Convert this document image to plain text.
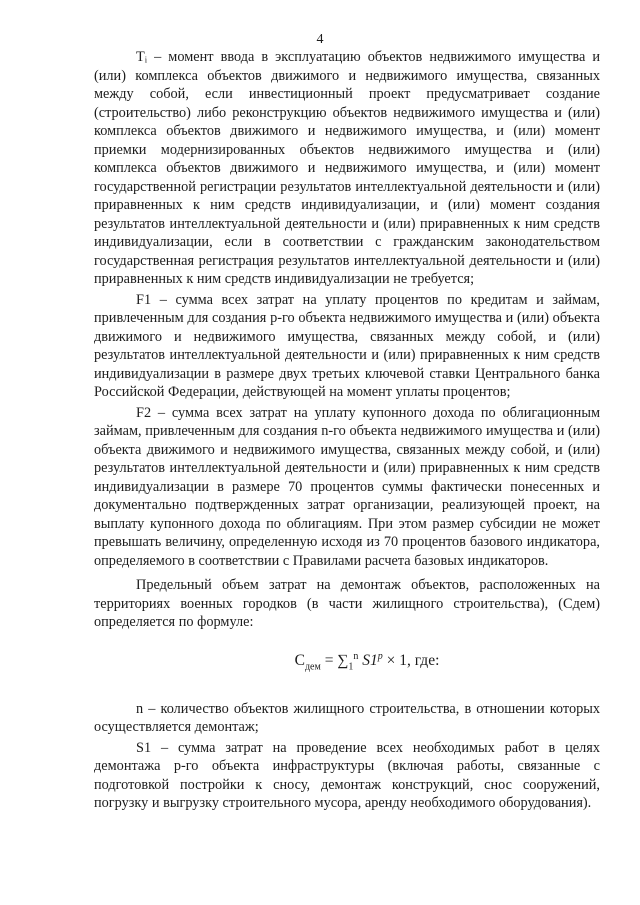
4

Tᵢ – момент ввода в эксплуатацию объектов недвижимого имущества и (или) комплекса объектов движимого и недвижимого имущества, связанных между собой, если инвестиционный проект предусматривает создание (строительство) либо реконструкцию объектов недвижимого имущества и (или) комплекса объектов движимого и недвижимого имущества, и (или) момент приемки модернизированных объектов недвижимого имущества и (или) комплекса объектов движимого и недвижимого имущества, и (или) момент государственной регистрации результатов интеллектуальной деятельности и (или) приравненных к ним средств индивидуализации, и (или) момент создания результатов интеллектуальной деятельности и (или) приравненных к ним средств индивидуализации, если в соответствии с гражданским законодательством государственная регистрация результатов интеллектуальной деятельности и (или) приравненных к ним средств индивидуализации не требуется;

F1 – сумма всех затрат на уплату процентов по кредитам и займам, привлеченным для создания p-го объекта недвижимого имущества и (или) объекта движимого и недвижимого имущества, связанных между собой, и (или) результатов интеллектуальной деятельности и (или) приравненных к ним средств индивидуализации в размере двух третьих ключевой ставки Центрального банка Российской Федерации, действующей на момент уплаты процентов;

F2 – сумма всех затрат на уплату купонного дохода по облигационным займам, привлеченным для создания n-го объекта недвижимого имущества и (или) объекта движимого и недвижимого имущества, связанных между собой, и (или) результатов интеллектуальной деятельности и (или) приравненных к ним средств индивидуализации в размере 70 процентов суммы фактически понесенных и документально подтвержденных затрат организации, реализующей проект, на выплату купонного дохода по облигациям. При этом размер субсидии не может превышать величину, определенную исходя из 70 процентов базового индикатора, определяемого в соответствии с Правилами расчета базовых индикаторов.

Предельный объем затрат на демонтаж объектов, расположенных на территориях военных городков (в части жилищного строительства), (Cдем) определяется по формуле:

$C_{дем} = \sum_1^n$ $S1^p \times 1$, где:

n – количество объектов жилищного строительства, в отношении которых осуществляется демонтаж;

S1 – сумма затрат на проведение всех необходимых работ в целях демонтажа p-го объекта инфраструктуры (включая работы, связанные с подготовкой постройки к сносу, демонтаж конструкций, снос сооружений, погрузку и выгрузку строительного мусора, аренду необходимого оборудования).
